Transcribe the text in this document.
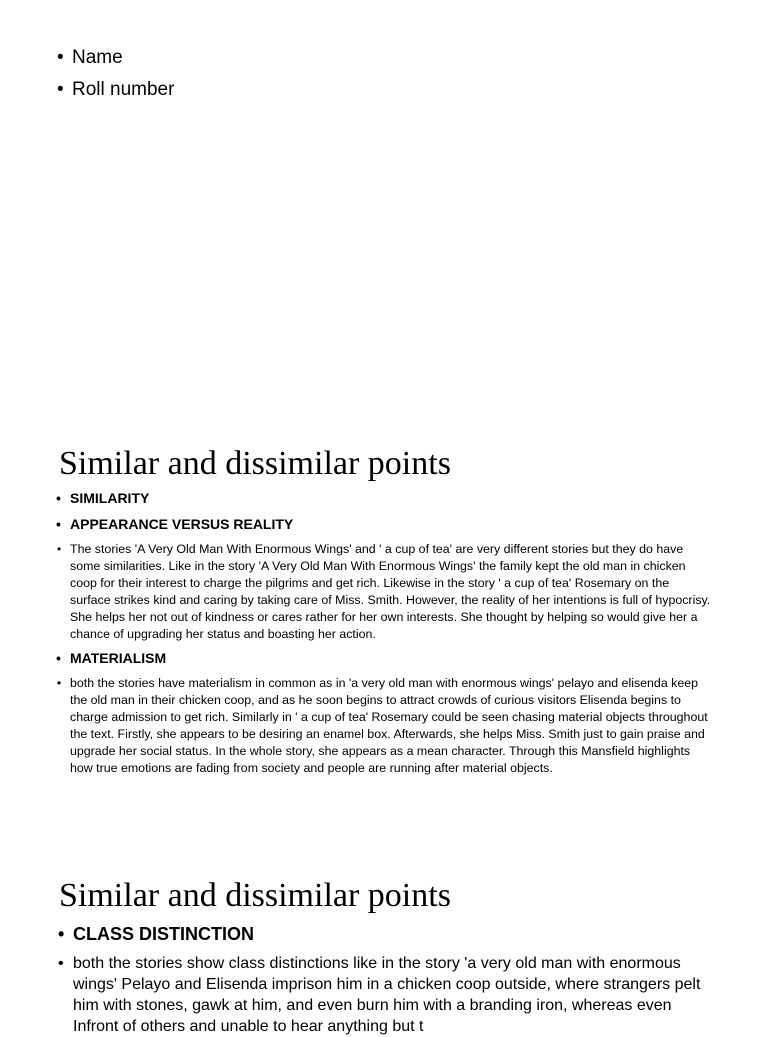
• Name
• Roll number
Similar and dissimilar points
• SIMILARITY
• APPEARANCE VERSUS REALITY
• The stories 'A Very Old Man With Enormous Wings' and ' a cup of tea' are very different stories but they do have some similarities. Like in the story 'A Very Old Man With Enormous Wings' the family kept the old man in chicken coop for their interest to charge the pilgrims and get rich. Likewise in the story ' a cup of tea' Rosemary on the surface strikes kind and caring by taking care of Miss. Smith. However, the reality of her intentions is full of hypocrisy. She helps her not out of kindness or cares rather for her own interests. She thought by helping so would give her a chance of upgrading her status and boasting her action.
• MATERIALISM
• both the stories have materialism in common as in 'a very old man with enormous wings' pelayo and elisenda keep the old man in their chicken coop, and as he soon begins to attract crowds of curious visitors Elisenda begins to charge admission to get rich. Similarly in ' a cup of tea' Rosemary could be seen chasing material objects throughout the text. Firstly, she appears to be desiring an enamel box. Afterwards, she helps Miss. Smith just to gain praise and upgrade her social status. In the whole story, she appears as a mean character. Through this Mansfield highlights how true emotions are fading from society and people are running after material objects.
Similar and dissimilar points
• CLASS DISTINCTION
• both the stories show class distinctions like in the story 'a very old man with enormous wings' Pelayo and Elisenda imprison him in a chicken coop outside, where strangers pelt him with stones, gawk at him, and even burn him with a branding iron, whereas even Infront of others and unable to hear anything but t
